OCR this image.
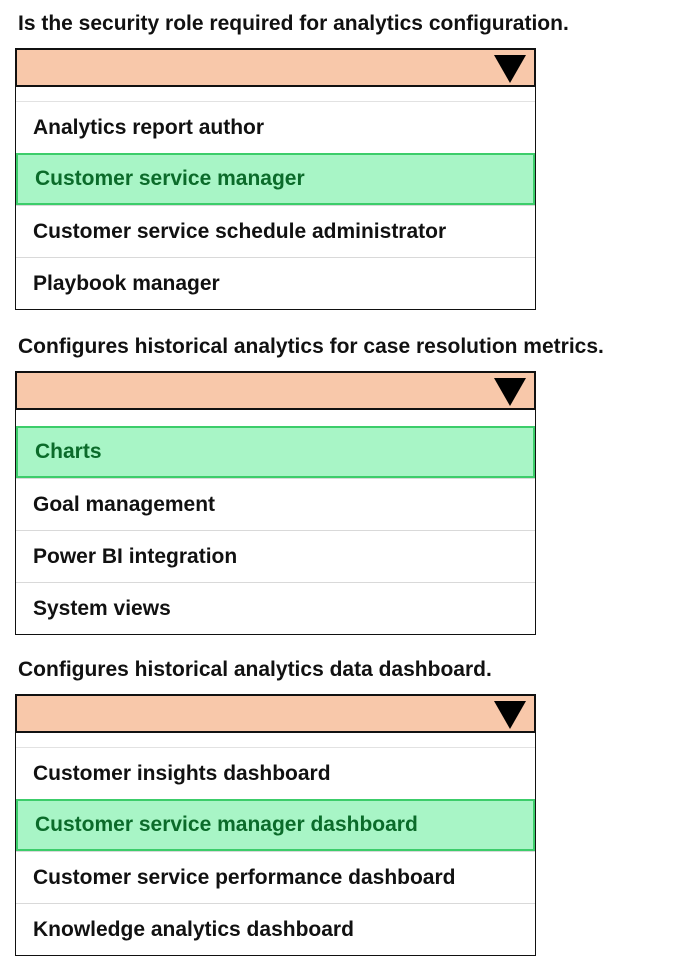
Is the security role required for analytics configuration.
Analytics report author
Customer service manager
Customer service schedule administrator
Playbook manager
Configures historical analytics for case resolution metrics.
Charts
Goal management
Power BI integration
System views
Configures historical analytics data dashboard.
Customer insights dashboard
Customer service manager dashboard
Customer service performance dashboard
Knowledge analytics dashboard
